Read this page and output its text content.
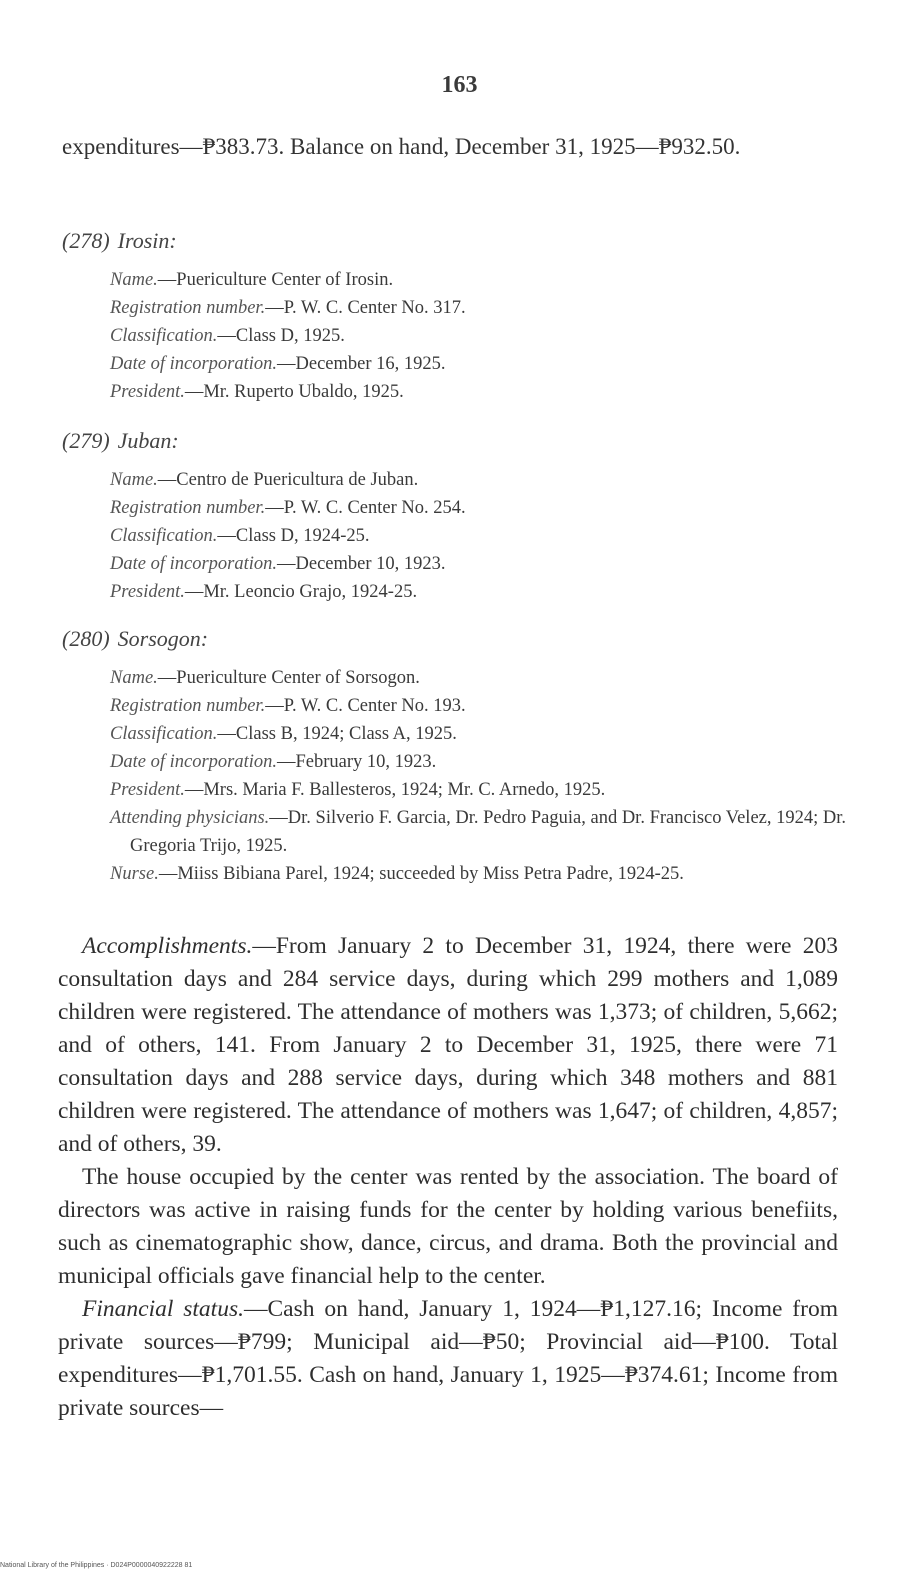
163
expenditures—₱383.73. Balance on hand, December 31, 1925—₱932.50.
(278) Irosin:
Name.—Puericulture Center of Irosin.
Registration number.—P. W. C. Center No. 317.
Classification.—Class D, 1925.
Date of incorporation.—December 16, 1925.
President.—Mr. Ruperto Ubaldo, 1925.
(279) Juban:
Name.—Centro de Puericultura de Juban.
Registration number.—P. W. C. Center No. 254.
Classification.—Class D, 1924-25.
Date of incorporation.—December 10, 1923.
President.—Mr. Leoncio Grajo, 1924-25.
(280) Sorsogon:
Name.—Puericulture Center of Sorsogon.
Registration number.—P. W. C. Center No. 193.
Classification.—Class B, 1924; Class A, 1925.
Date of incorporation.—February 10, 1923.
President.—Mrs. Maria F. Ballesteros, 1924; Mr. C. Arnedo, 1925.
Attending physicians.—Dr. Silverio F. Garcia, Dr. Pedro Paguia, and Dr. Francisco Velez, 1924; Dr. Gregoria Trijo, 1925.
Nurse.—Miiss Bibiana Parel, 1924; succeeded by Miss Petra Padre, 1924-25.

Accomplishments.—From January 2 to December 31, 1924, there were 203 consultation days and 284 service days, during which 299 mothers and 1,089 children were registered. The attendance of mothers was 1,373; of children, 5,662; and of others, 141. From January 2 to December 31, 1925, there were 71 consultation days and 288 service days, during which 348 mothers and 881 children were registered. The attendance of mothers was 1,647; of children, 4,857; and of others, 39.

The house occupied by the center was rented by the association. The board of directors was active in raising funds for the center by holding various benefiits, such as cinematographic show, dance, circus, and drama. Both the provincial and municipal officials gave financial help to the center.

Financial status.—Cash on hand, January 1, 1924—₱1,127.16; Income from private sources—₱799; Municipal aid—₱50; Provincial aid—₱100. Total expenditures—₱1,701.55. Cash on hand, January 1, 1925—₱374.61; Income from private sources—

National Library of the Philippines · D024P0000040922228 81
